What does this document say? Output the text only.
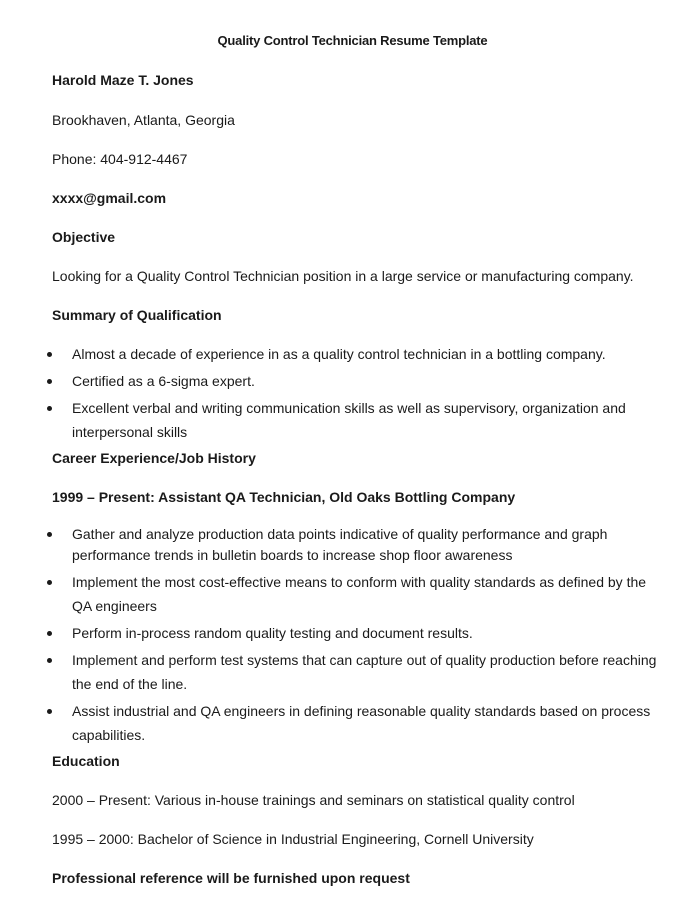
Quality Control Technician Resume Template
Harold Maze T. Jones
Brookhaven, Atlanta, Georgia
Phone: 404-912-4467
xxxx@gmail.com
Objective
Looking for a Quality Control Technician position in a large service or manufacturing company.
Summary of Qualification
Almost a decade of experience in as a quality control technician in a bottling company.
Certified as a 6-sigma expert.
Excellent verbal and writing communication skills as well as supervisory, organization and interpersonal skills
Career Experience/Job History
1999 – Present: Assistant QA Technician, Old Oaks Bottling Company
Gather and analyze production data points indicative of quality performance and graph performance trends in bulletin boards to increase shop floor awareness
Implement the most cost-effective means to conform with quality standards as defined by the QA engineers
Perform in-process random quality testing and document results.
Implement and perform test systems that can capture out of quality production before reaching the end of the line.
Assist industrial and QA engineers in defining reasonable quality standards based on process capabilities.
Education
2000 – Present: Various in-house trainings and seminars on statistical quality control
1995 – 2000: Bachelor of Science in Industrial Engineering, Cornell University
Professional reference will be furnished upon request
